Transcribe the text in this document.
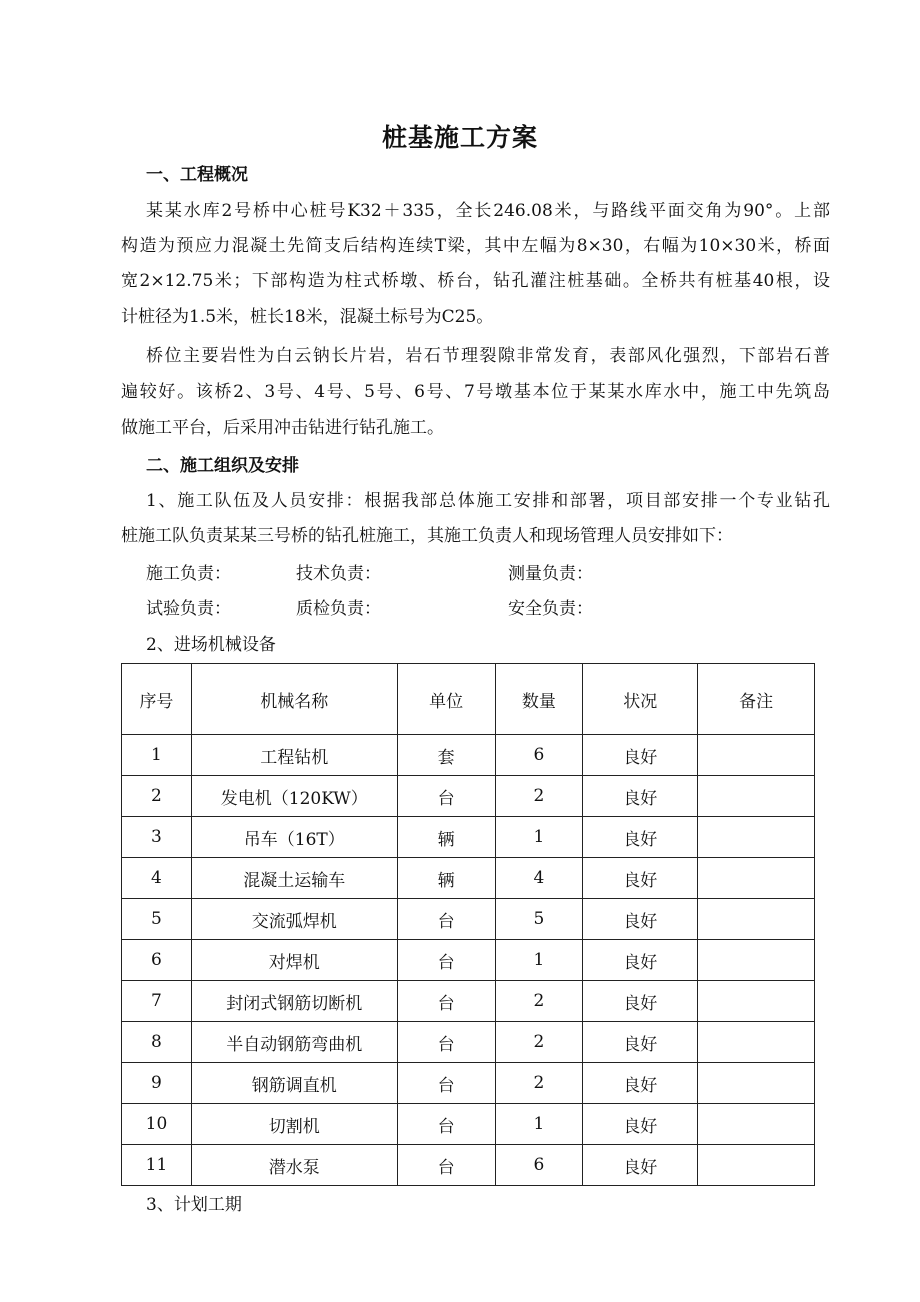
桩基施工方案
一、工程概况
某某水库2号桥中心桩号K32＋335，全长246.08米，与路线平面交角为90°。上部
构造为预应力混凝土先简支后结构连续T梁，其中左幅为8×30，右幅为10×30米，桥面
宽2×12.75米；下部构造为柱式桥墩、桥台，钻孔灌注桩基础。全桥共有桩基40根，设
计桩径为1.5米，桩长18米，混凝土标号为C25。
桥位主要岩性为白云钠长片岩，岩石节理裂隙非常发育，表部风化强烈，下部岩石普
遍较好。该桥2、3号、4号、5号、6号、7号墩基本位于某某水库水中，施工中先筑岛
做施工平台，后采用冲击钻进行钻孔施工。
二、施工组织及安排
1、施工队伍及人员安排：根据我部总体施工安排和部署，项目部安排一个专业钻孔
桩施工队负责某某三号桥的钻孔桩施工，其施工负责人和现场管理人员安排如下：
施工负责：	技术负责：	测量负责：
试验负责：	质检负责：	安全负责：
2、进场机械设备
序号	机械名称	单位	数量	状况	备注
1	工程钻机	套	6	良好	
2	发电机（120KW）	台	2	良好	
3	吊车（16T）	辆	1	良好	
4	混凝土运输车	辆	4	良好	
5	交流弧焊机	台	5	良好	
6	对焊机	台	1	良好	
7	封闭式钢筋切断机	台	2	良好	
8	半自动钢筋弯曲机	台	2	良好	
9	钢筋调直机	台	2	良好	
10	切割机	台	1	良好	
11	潜水泵	台	6	良好	
3、计划工期
